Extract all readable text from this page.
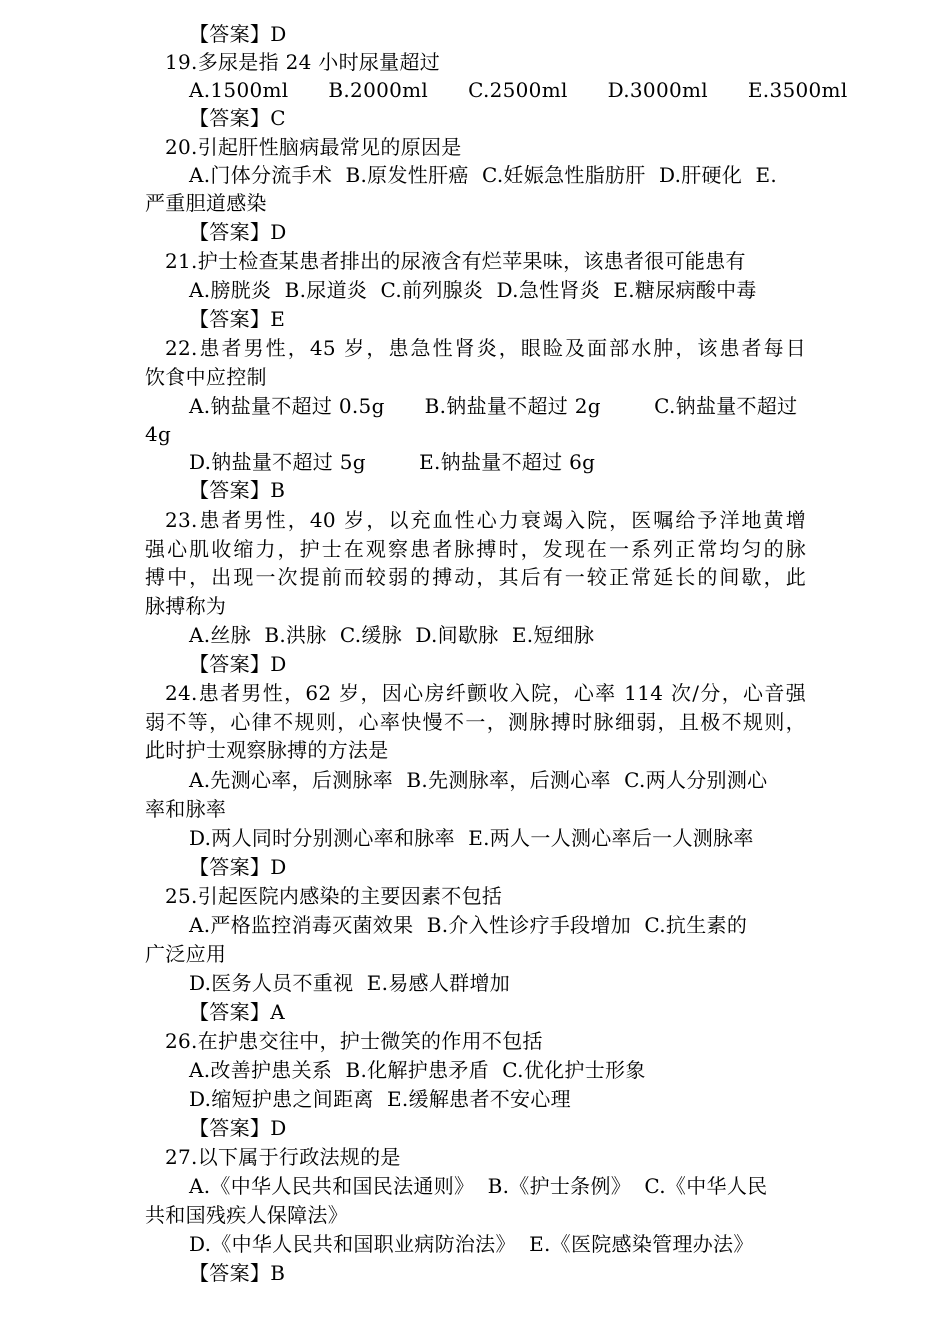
【答案】D
19.多尿是指 24 小时尿量超过
A.1500ml      B.2000ml      C.2500ml      D.3000ml      E.3500ml
【答案】C
20.引起肝性脑病最常见的原因是
A.门体分流手术  B.原发性肝癌  C.妊娠急性脂肪肝  D.肝硬化  E.
严重胆道感染
【答案】D
21.护士检查某患者排出的尿液含有烂苹果味，该患者很可能患有
A.膀胱炎  B.尿道炎  C.前列腺炎  D.急性肾炎  E.糖尿病酸中毒
【答案】E
22.患者男性，45 岁，患急性肾炎，眼睑及面部水肿，该患者每日
饮食中应控制
A.钠盐量不超过 0.5g      B.钠盐量不超过 2g        C.钠盐量不超过
4g
D.钠盐量不超过 5g        E.钠盐量不超过 6g
【答案】B
23.患者男性，40 岁，以充血性心力衰竭入院，医嘱给予洋地黄增
强心肌收缩力，护士在观察患者脉搏时，发现在一系列正常均匀的脉
搏中，出现一次提前而较弱的搏动，其后有一较正常延长的间歇，此
脉搏称为
A.丝脉  B.洪脉  C.缓脉  D.间歇脉  E.短细脉
【答案】D
24.患者男性，62 岁，因心房纤颤收入院，心率 114 次/分，心音强
弱不等，心律不规则，心率快慢不一，测脉搏时脉细弱，且极不规则，
此时护士观察脉搏的方法是
A.先测心率，后测脉率  B.先测脉率，后测心率  C.两人分别测心
率和脉率
D.两人同时分别测心率和脉率  E.两人一人测心率后一人测脉率
【答案】D
25.引起医院内感染的主要因素不包括
A.严格监控消毒灭菌效果  B.介入性诊疗手段增加  C.抗生素的
广泛应用
D.医务人员不重视  E.易感人群增加
【答案】A
26.在护患交往中，护士微笑的作用不包括
A.改善护患关系  B.化解护患矛盾  C.优化护士形象
D.缩短护患之间距离  E.缓解患者不安心理
【答案】D
27.以下属于行政法规的是
A.《中华人民共和国民法通则》  B.《护士条例》  C.《中华人民
共和国残疾人保障法》
D.《中华人民共和国职业病防治法》  E.《医院感染管理办法》
【答案】B
